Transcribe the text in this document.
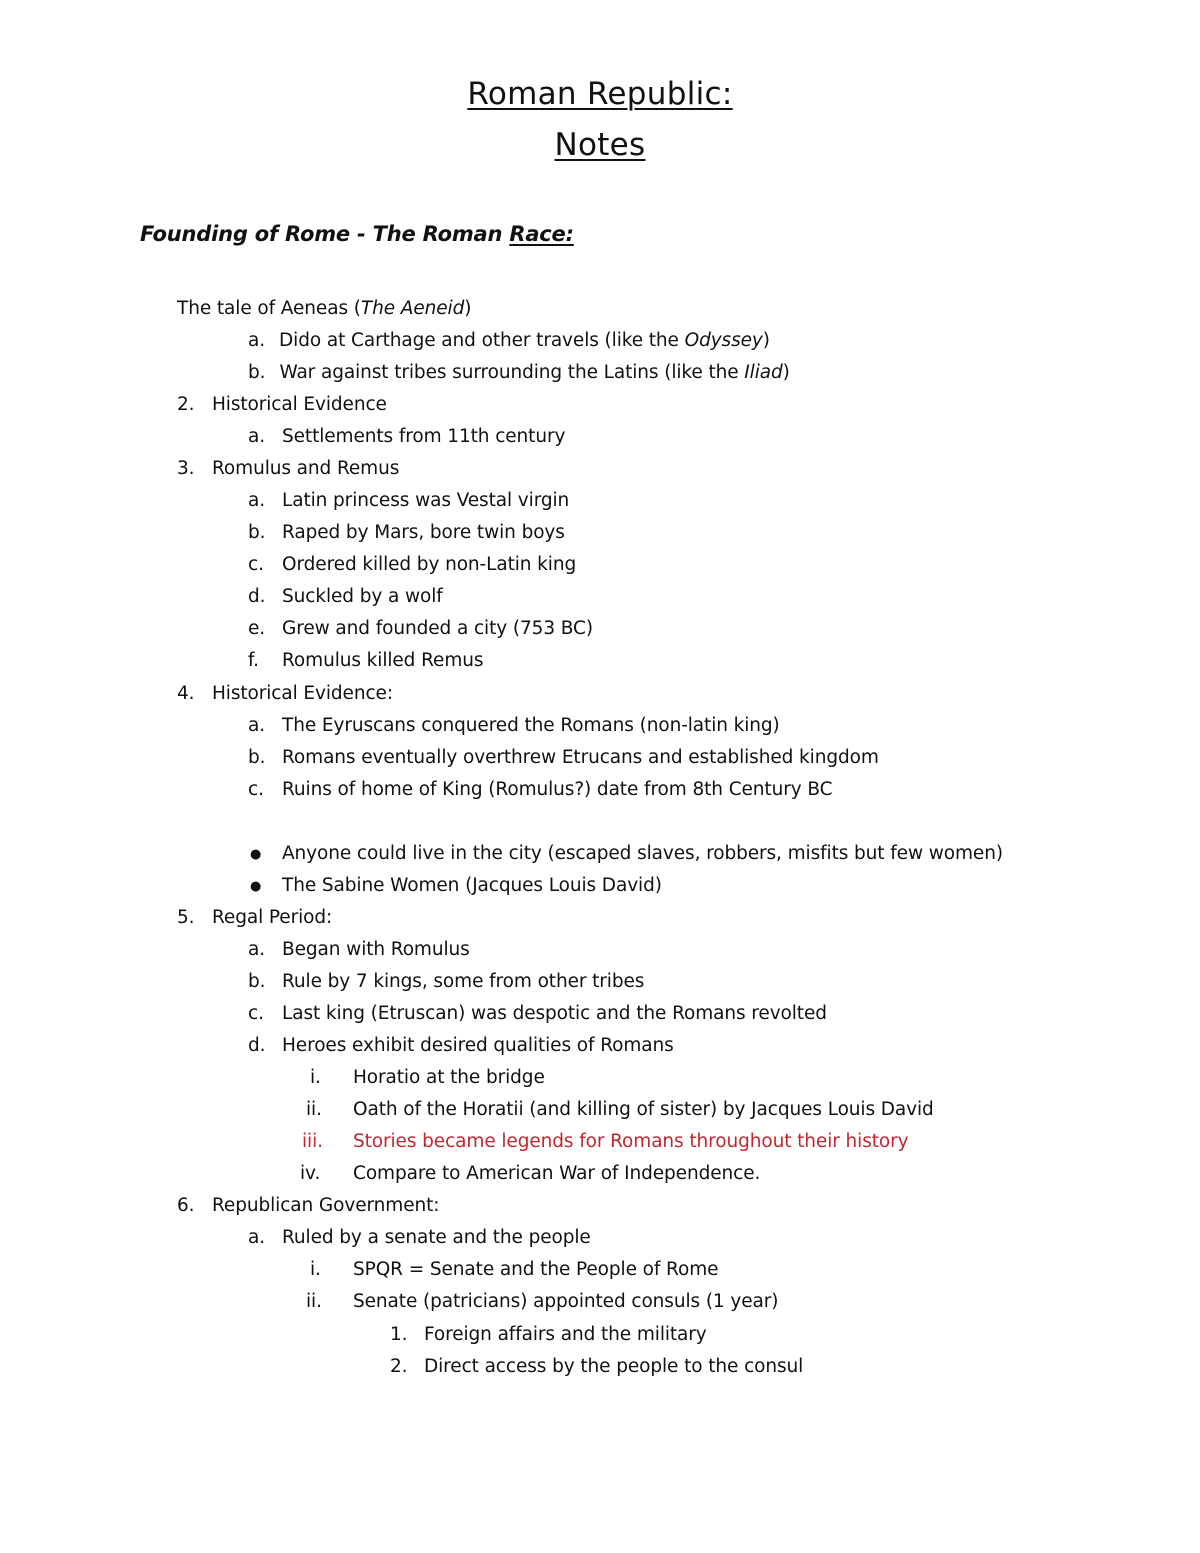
Roman Republic:
Notes
Founding of Rome - The Roman Race:
The tale of Aeneas (The Aeneid)
a. Dido at Carthage and other travels (like the Odyssey)
b. War against tribes surrounding the Latins (like the Iliad)
2. Historical Evidence
a. Settlements from 11th century
3. Romulus and Remus
a. Latin princess was Vestal virgin
b. Raped by Mars, bore twin boys
c. Ordered killed by non-Latin king
d. Suckled by a wolf
e. Grew and founded a city (753 BC)
f. Romulus killed Remus
4. Historical Evidence:
a. The Eyruscans conquered the Romans (non-latin king)
b. Romans eventually overthrew Etrucans and established kingdom
c. Ruins of home of King (Romulus?) date from 8th Century BC
● Anyone could live in the city (escaped slaves, robbers, misfits but few women)
● The Sabine Women (Jacques Louis David)
5. Regal Period:
a. Began with Romulus
b. Rule by 7 kings, some from other tribes
c. Last king (Etruscan) was despotic and the Romans revolted
d. Heroes exhibit desired qualities of Romans
i. Horatio at the bridge
ii. Oath of the Horatii (and killing of sister) by Jacques Louis David
iii. Stories became legends for Romans throughout their history
iv. Compare to American War of Independence.
6. Republican Government:
a. Ruled by a senate and the people
i. SPQR = Senate and the People of Rome
ii. Senate (patricians) appointed consuls (1 year)
1. Foreign affairs and the military
2. Direct access by the people to the consul
